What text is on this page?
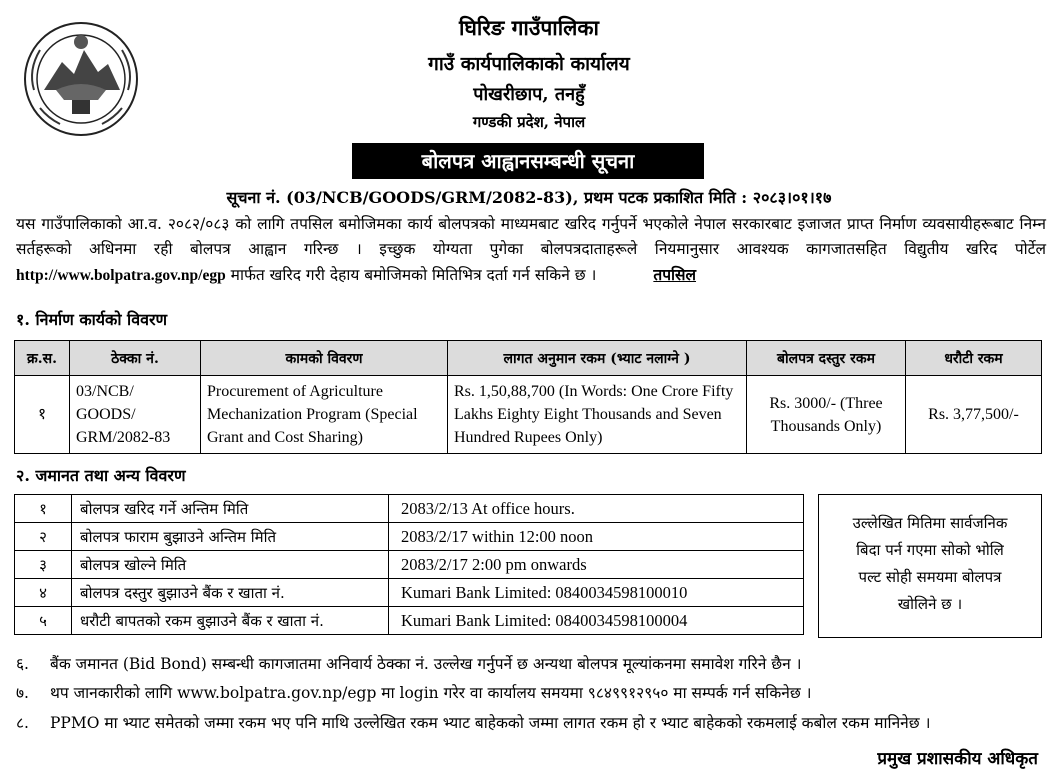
घिरिङ गाउँपालिका
गाउँ कार्यपालिकाको कार्यालय
पोखरीछाप, तनहुँ
गण्डकी प्रदेश, नेपाल
बोलपत्र आह्वानसम्बन्धी सूचना
सूचना नं. (03/NCB/GOODS/GRM/2082-83), प्रथम पटक प्रकाशित मिति : २०८३।०१।१७
यस गाउँपालिकाको आ.व. २०८२/०८३ को लागि तपसिल बमोजिमका कार्य बोलपत्रको माध्यमबाट खरिद गर्नुपर्ने भएकोले नेपाल सरकारबाट इजाजत प्राप्त निर्माण व्यवसायीहरूबाट निम्न सर्तहरूको अधिनमा रही बोलपत्र आह्वान गरिन्छ । इच्छुक योग्यता पुगेका बोलपत्रदाताहरूले नियमानुसार आवश्यक कागजातसहित विद्युतीय खरिद पोर्टेल http://www.bolpatra.gov.np/egp मार्फत खरिद गरी देहाय बमोजिमको मितिभित्र दर्ता गर्न सकिने छ ।	तपसिल
१. निर्माण कार्यको विवरण
क्र.स.	ठेक्का नं.	कामको विवरण	लागत अनुमान रकम (भ्याट नलाग्ने )	बोलपत्र दस्तुर रकम	धरौटी रकम
१	03/NCB/ GOODS/ GRM/2082-83	Procurement of Agriculture Mechanization Program (Special Grant and Cost Sharing)	Rs. 1,50,88,700 (In Words: One Crore Fifty Lakhs Eighty Eight Thousands and Seven Hundred Rupees Only)	Rs. 3000/- (Three Thousands Only)	Rs. 3,77,500/-
२. जमानत तथा अन्य विवरण
१	बोलपत्र खरिद गर्ने अन्तिम मिति	2083/2/13 At office hours.
२	बोलपत्र फाराम बुझाउने अन्तिम मिति	2083/2/17 within 12:00 noon
३	बोलपत्र खोल्ने मिति	2083/2/17 2:00 pm onwards
४	बोलपत्र दस्तुर बुझाउने बैंक र खाता नं.	Kumari Bank Limited: 0840034598100010
५	धरौटी बापतको रकम बुझाउने बैंक र खाता नं.	Kumari Bank Limited: 0840034598100004
उल्लेखित मितिमा सार्वजनिक
बिदा पर्न गएमा सोको भोलि
पल्ट सोही समयमा बोलपत्र
खोलिने छ ।
६. बैंक जमानत (Bid Bond) सम्बन्धी कागजातमा अनिवार्य ठेक्का नं. उल्लेख गर्नुपर्ने छ अन्यथा बोलपत्र मूल्यांकनमा समावेश गरिने छैन ।
७. थप जानकारीको लागि www.bolpatra.gov.np/egp मा login गरेर वा कार्यालय समयमा ९८४९९१२९५० मा सम्पर्क गर्न सकिनेछ ।
८. PPMO मा भ्याट समेतको जम्मा रकम भए पनि माथि उल्लेखित रकम भ्याट बाहेकको जम्मा लागत रकम हो र भ्याट बाहेकको रकमलाई कबोल रकम मानिनेछ ।
प्रमुख प्रशासकीय अधिकृत
